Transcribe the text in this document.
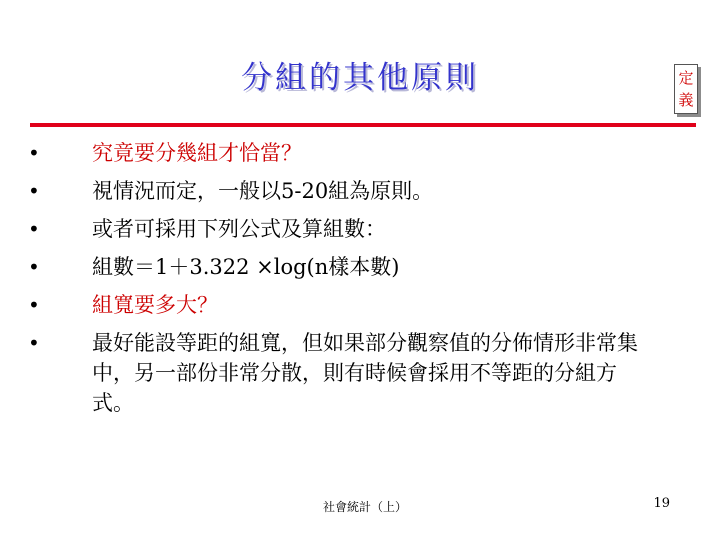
分組的其他原則	定
義
• 究竟要分幾組才恰當？
• 視情況而定，一般以5-20組為原則。
• 或者可採用下列公式及算組數：
• 組數＝1＋3.322 ×log(n樣本數)
• 組寬要多大？
• 最好能設等距的組寬，但如果部分觀察值的分佈情形非常集中，另一部份非常分散，則有時候會採用不等距的分組方式。
社會統計（上）	19
